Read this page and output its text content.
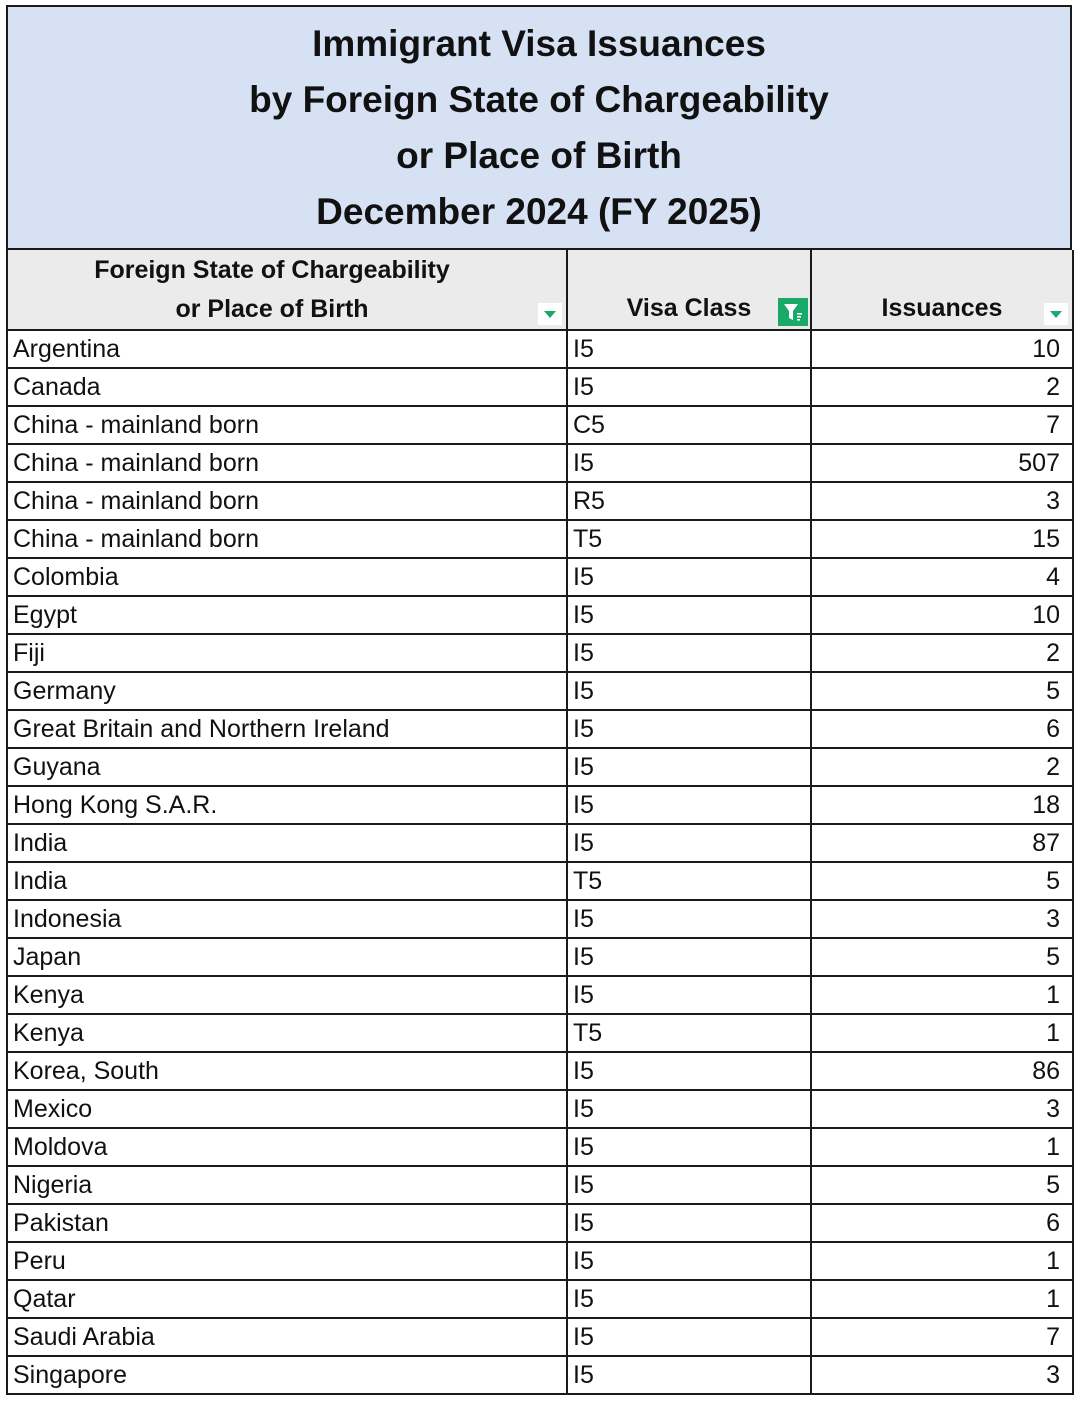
Immigrant Visa Issuances
by Foreign State of Chargeability
or Place of Birth
December 2024 (FY 2025)
Foreign State of Chargeability
or Place of Birth	Visa Class	Issuances

Argentina	I5	10
Canada	I5	2
China - mainland born	C5	7
China - mainland born	I5	507
China - mainland born	R5	3
China - mainland born	T5	15
Colombia	I5	4
Egypt	I5	10
Fiji	I5	2
Germany	I5	5
Great Britain and Northern Ireland	I5	6
Guyana	I5	2
Hong Kong S.A.R.	I5	18
India	I5	87
India	T5	5
Indonesia	I5	3
Japan	I5	5
Kenya	I5	1
Kenya	T5	1
Korea, South	I5	86
Mexico	I5	3
Moldova	I5	1
Nigeria	I5	5
Pakistan	I5	6
Peru	I5	1
Qatar	I5	1
Saudi Arabia	I5	7
Singapore	I5	3
